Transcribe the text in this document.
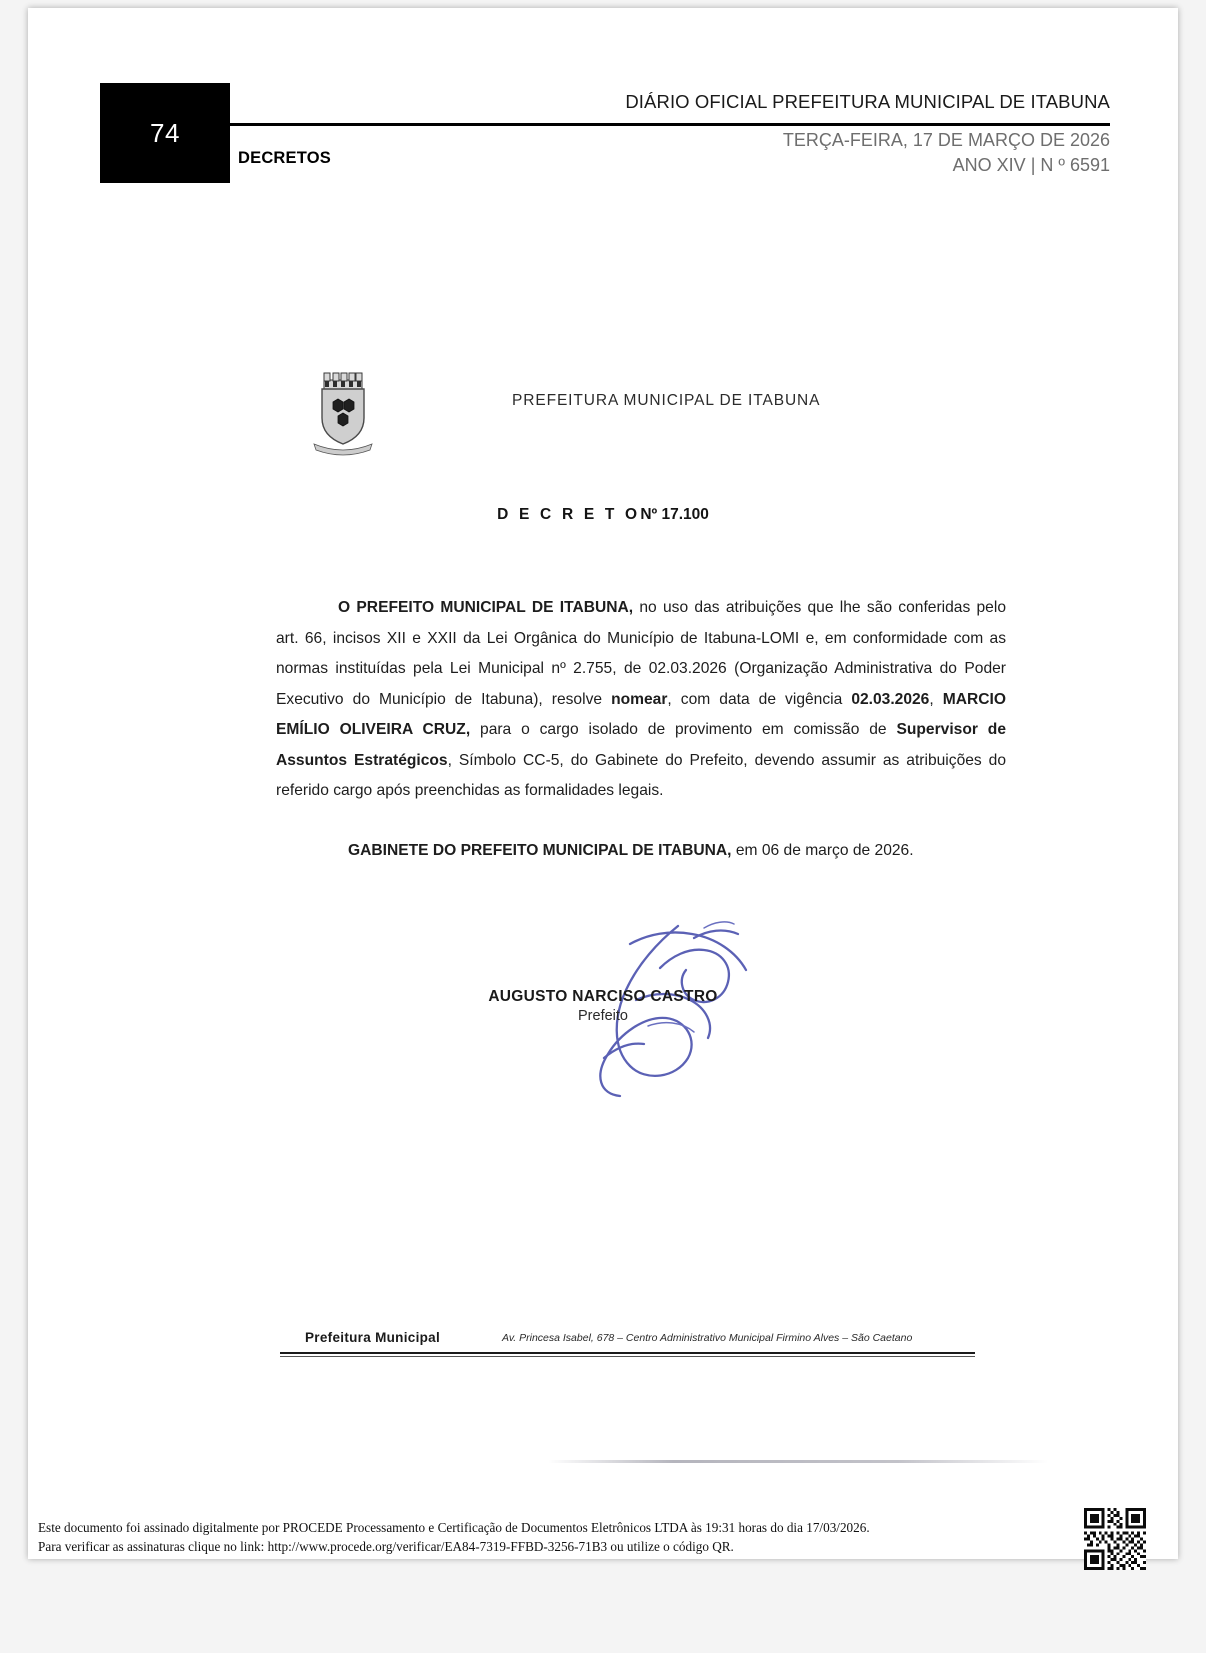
74
DIÁRIO OFICIAL PREFEITURA MUNICIPAL DE ITABUNA
DECRETOS
TERÇA-FEIRA, 17 DE MARÇO DE 2026
ANO XIV | N º 6591
PREFEITURA MUNICIPAL DE ITABUNA
D E C R E T ONº 17.100

O PREFEITO MUNICIPAL DE ITABUNA, no uso das atribuições que lhe são conferidas pelo art. 66, incisos XII e XXII da Lei Orgânica do Município de Itabuna-LOMI e, em conformidade com as normas instituídas pela Lei Municipal nº 2.755, de 02.03.2026 (Organização Administrativa do Poder Executivo do Município de Itabuna), resolve nomear, com data de vigência 02.03.2026, MARCIO EMÍLIO OLIVEIRA CRUZ, para o cargo isolado de provimento em comissão de Supervisor de Assuntos Estratégicos, Símbolo CC-5, do Gabinete do Prefeito, devendo assumir as atribuições do referido cargo após preenchidas as formalidades legais.

GABINETE DO PREFEITO MUNICIPAL DE ITABUNA, em 06 de março de 2026.
AUGUSTO NARCISO CASTRO
Prefeito
Prefeitura Municipal	Av. Princesa Isabel, 678 – Centro Administrativo Municipal Firmino Alves – São Caetano
Este documento foi assinado digitalmente por PROCEDE Processamento e Certificação de Documentos Eletrônicos LTDA às 19:31 horas do dia 17/03/2026.
Para verificar as assinaturas clique no link: http://www.procede.org/verificar/EA84-7319-FFBD-3256-71B3 ou utilize o código QR.
